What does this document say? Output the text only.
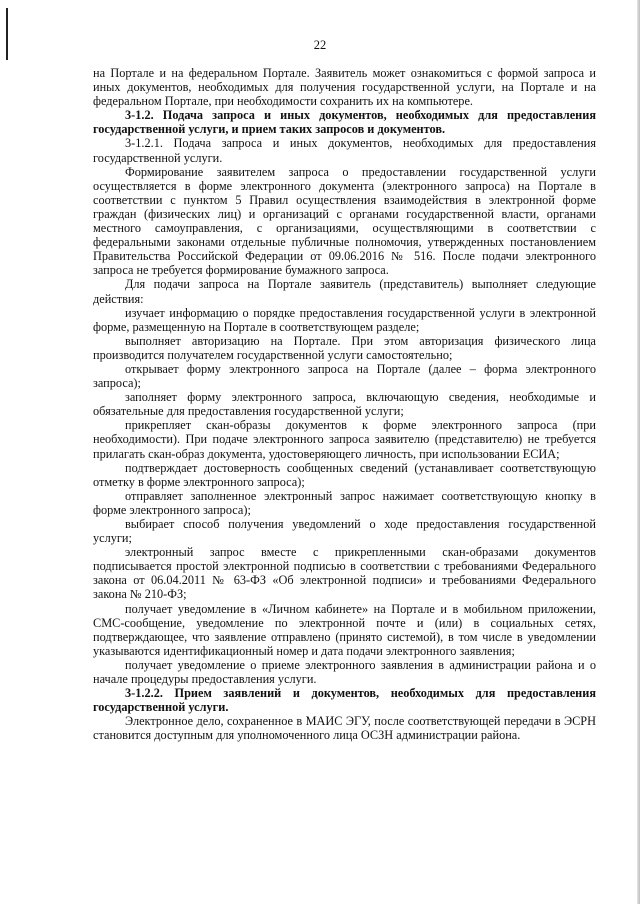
22

на Портале и на федеральном Портале. Заявитель может ознакомиться с формой запроса и иных документов, необходимых для получения государственной услуги, на Портале и на федеральном Портале, при необходимости сохранить их на компьютере.

3-1.2. Подача запроса и иных документов, необходимых для предоставления государственной услуги, и прием таких запросов и документов.

3-1.2.1. Подача запроса и иных документов, необходимых для предоставления государственной услуги.

Формирование заявителем запроса о предоставлении государственной услуги осуществляется в форме электронного документа (электронного запроса) на Портале в соответствии с пунктом 5 Правил осуществления взаимодействия в электронной форме граждан (физических лиц) и организаций с органами государственной власти, органами местного самоуправления, с организациями, осуществляющими в соответствии с федеральными законами отдельные публичные полномочия, утвержденных постановлением Правительства Российской Федерации от 09.06.2016 № 516. После подачи электронного запроса не требуется формирование бумажного запроса.

Для подачи запроса на Портале заявитель (представитель) выполняет следующие действия:

изучает информацию о порядке предоставления государственной услуги в электронной форме, размещенную на Портале в соответствующем разделе;

выполняет авторизацию на Портале. При этом авторизация физического лица производится получателем государственной услуги самостоятельно;

открывает форму электронного запроса на Портале (далее – форма электронного запроса);

заполняет форму электронного запроса, включающую сведения, необходимые и обязательные для предоставления государственной услуги;

прикрепляет скан-образы документов к форме электронного запроса (при необходимости). При подаче электронного запроса заявителю (представителю) не требуется прилагать скан-образ документа, удостоверяющего личность, при использовании ЕСИА;

подтверждает достоверность сообщенных сведений (устанавливает соответствующую отметку в форме электронного запроса);

отправляет заполненное электронный запрос нажимает соответствующую кнопку в форме электронного запроса);

выбирает способ получения уведомлений о ходе предоставления государственной услуги;

электронный запрос вместе с прикрепленными скан-образами документов подписывается простой электронной подписью в соответствии с требованиями Федерального закона от 06.04.2011 № 63-ФЗ «Об электронной подписи» и требованиями Федерального закона № 210-ФЗ;

получает уведомление в «Личном кабинете» на Портале и в мобильном приложении, СМС-сообщение, уведомление по электронной почте и (или) в социальных сетях, подтверждающее, что заявление отправлено (принято системой), в том числе в уведомлении указываются идентификационный номер и дата подачи электронного заявления;

получает уведомление о приеме электронного заявления в администрации района и о начале процедуры предоставления услуги.

3-1.2.2. Прием заявлений и документов, необходимых для предоставления государственной услуги.

Электронное дело, сохраненное в МАИС ЭГУ, после соответствующей передачи в ЭСРН становится доступным для уполномоченного лица ОСЗН администрации района.
